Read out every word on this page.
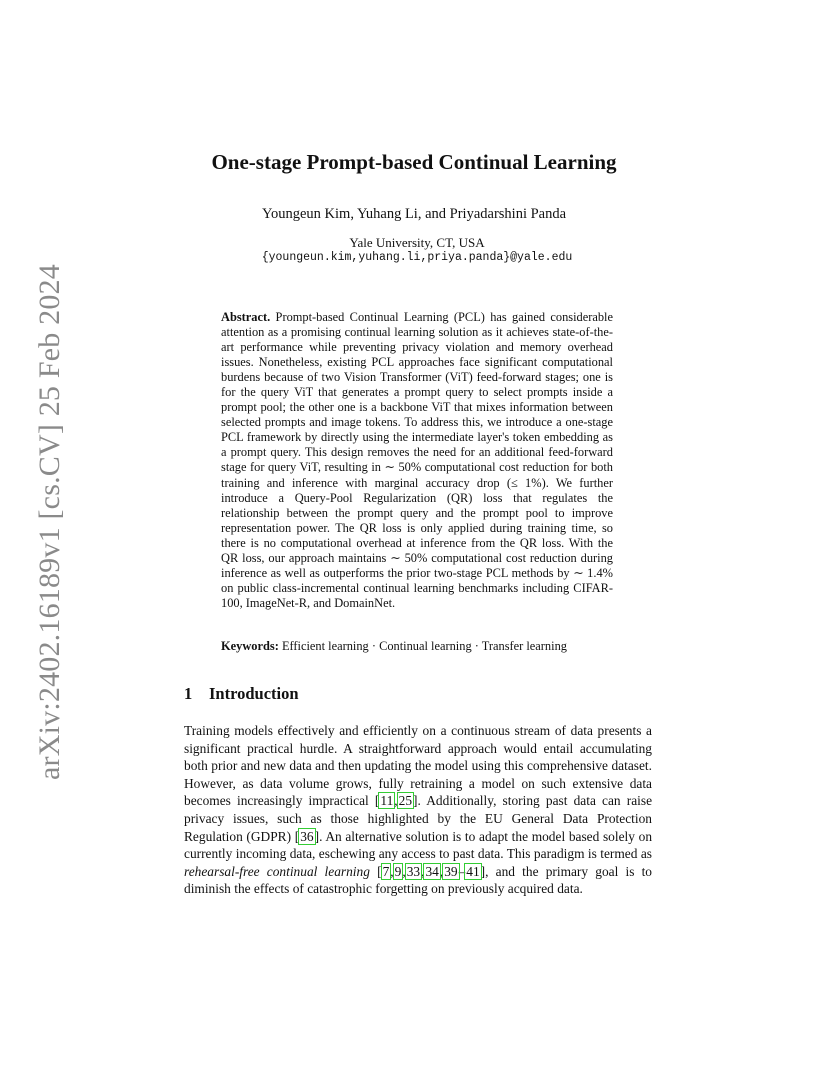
arXiv:2402.16189v1 [cs.CV] 25 Feb 2024
One-stage Prompt-based Continual Learning
Youngeun Kim, Yuhang Li, and Priyadarshini Panda
Yale University, CT, USA
{youngeun.kim,yuhang.li,priya.panda}@yale.edu
Abstract. Prompt-based Continual Learning (PCL) has gained considerable attention as a promising continual learning solution as it achieves state-of-the-art performance while preventing privacy violation and memory overhead issues. Nonetheless, existing PCL approaches face significant computational burdens because of two Vision Transformer (ViT) feed-forward stages; one is for the query ViT that generates a prompt query to select prompts inside a prompt pool; the other one is a backbone ViT that mixes information between selected prompts and image tokens. To address this, we introduce a one-stage PCL framework by directly using the intermediate layer's token embedding as a prompt query. This design removes the need for an additional feed-forward stage for query ViT, resulting in ∼ 50% computational cost reduction for both training and inference with marginal accuracy drop (≤ 1%). We further introduce a Query-Pool Regularization (QR) loss that regulates the relationship between the prompt query and the prompt pool to improve representation power. The QR loss is only applied during training time, so there is no computational overhead at inference from the QR loss. With the QR loss, our approach maintains ∼ 50% computational cost reduction during inference as well as outperforms the prior two-stage PCL methods by ∼ 1.4% on public class-incremental continual learning benchmarks including CIFAR-100, ImageNet-R, and DomainNet.
Keywords: Efficient learning · Continual learning · Transfer learning
1 Introduction
Training models effectively and efficiently on a continuous stream of data presents a significant practical hurdle. A straightforward approach would entail accumulating both prior and new data and then updating the model using this comprehensive dataset. However, as data volume grows, fully retraining a model on such extensive data becomes increasingly impractical [11,25]. Additionally, storing past data can raise privacy issues, such as those highlighted by the EU General Data Protection Regulation (GDPR) [36]. An alternative solution is to adapt the model based solely on currently incoming data, eschewing any access to past data. This paradigm is termed as rehearsal-free continual learning [7,9,33,34,39–41], and the primary goal is to diminish the effects of catastrophic forgetting on previously acquired data.
